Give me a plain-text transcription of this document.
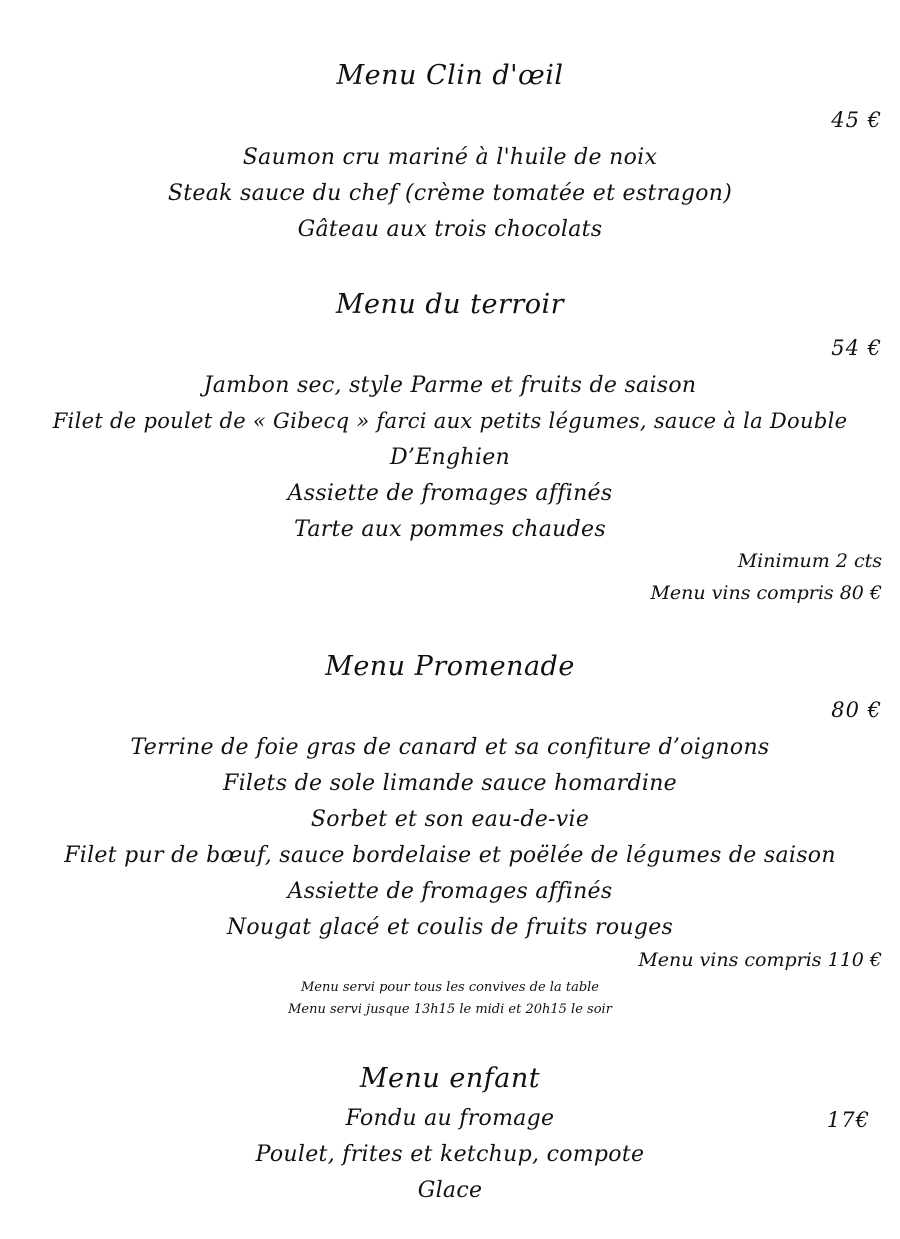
Menu Clin d'œil
45 €
Saumon cru mariné à l'huile de noix
Steak sauce du chef (crème tomatée et estragon)
Gâteau aux trois chocolats
Menu du terroir
54 €
Jambon sec, style Parme et fruits de saison
Filet de poulet de « Gibecq » farci aux petits légumes, sauce à la Double
D’Enghien
Assiette de fromages affinés
Tarte aux pommes chaudes
Minimum 2 cts
Menu vins compris 80 €
Menu Promenade
80 €
Terrine de foie gras de canard et sa confiture d’oignons
Filets de sole limande sauce homardine
Sorbet et son eau-de-vie
Filet pur de bœuf, sauce bordelaise et poëlée de légumes de saison
Assiette de fromages affinés
Nougat glacé et coulis de fruits rouges
Menu vins compris 110 €
Menu servi pour tous les convives de la table
Menu servi jusque 13h15 le midi et 20h15 le soir
Menu enfant
17€
Fondu au fromage
Poulet, frites et ketchup, compote
Glace
